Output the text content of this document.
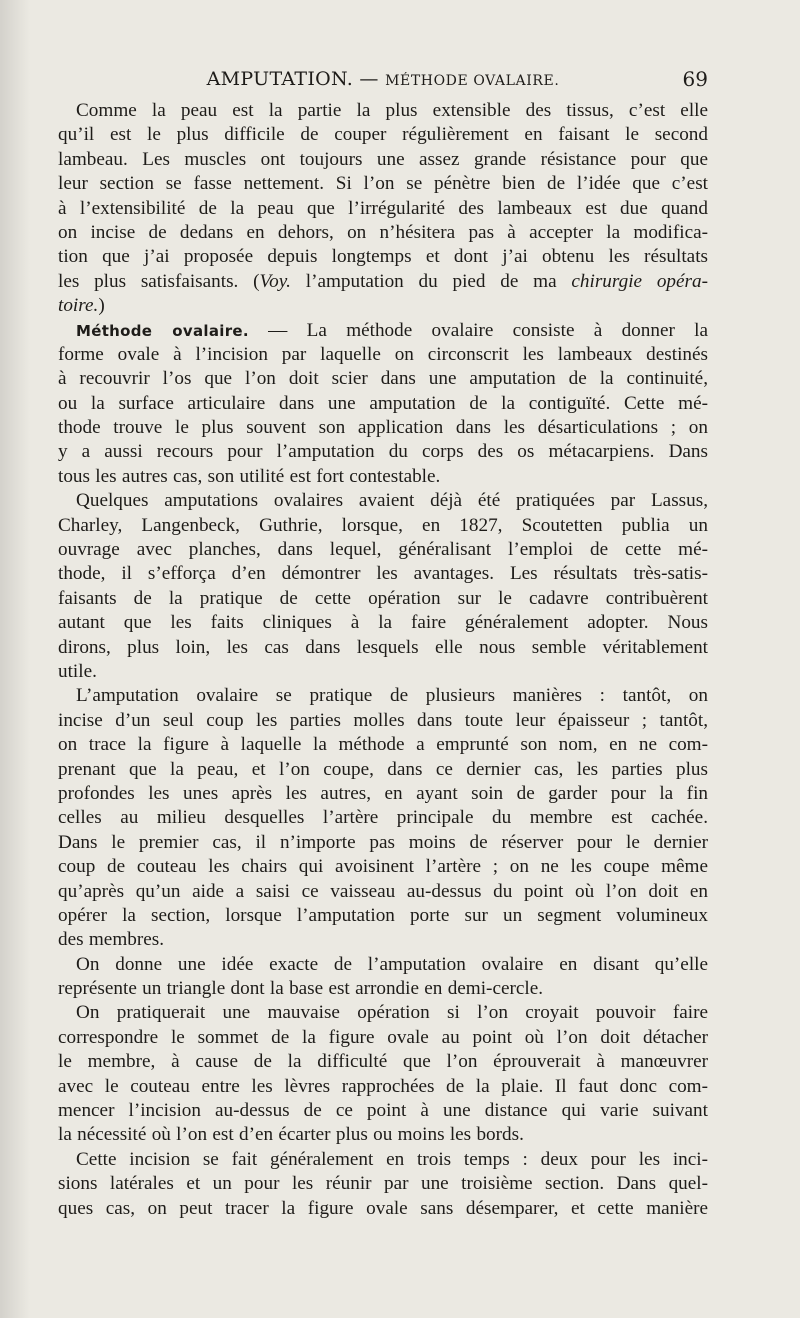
AMPUTATION. — MÉTHODE OVALAIRE.	69
Comme la peau est la partie la plus extensible des tissus, c’est elle
qu’il est le plus difficile de couper régulièrement en faisant le second
lambeau. Les muscles ont toujours une assez grande résistance pour que
leur section se fasse nettement. Si l’on se pénètre bien de l’idée que c’est
à l’extensibilité de la peau que l’irrégularité des lambeaux est due quand
on incise de dedans en dehors, on n’hésitera pas à accepter la modifica-
tion que j’ai proposée depuis longtemps et dont j’ai obtenu les résultats
les plus satisfaisants. (Voy. l’amputation du pied de ma chirurgie opéra-
toire.)
Méthode ovalaire. — La méthode ovalaire consiste à donner la
forme ovale à l’incision par laquelle on circonscrit les lambeaux destinés
à recouvrir l’os que l’on doit scier dans une amputation de la continuité,
ou la surface articulaire dans une amputation de la contiguïté. Cette mé-
thode trouve le plus souvent son application dans les désarticulations ; on
y a aussi recours pour l’amputation du corps des os métacarpiens. Dans
tous les autres cas, son utilité est fort contestable.
Quelques amputations ovalaires avaient déjà été pratiquées par Lassus,
Charley, Langenbeck, Guthrie, lorsque, en 1827, Scoutetten publia un
ouvrage avec planches, dans lequel, généralisant l’emploi de cette mé-
thode, il s’efforça d’en démontrer les avantages. Les résultats très-satis-
faisants de la pratique de cette opération sur le cadavre contribuèrent
autant que les faits cliniques à la faire généralement adopter. Nous
dirons, plus loin, les cas dans lesquels elle nous semble véritablement
utile.
L’amputation ovalaire se pratique de plusieurs manières : tantôt, on
incise d’un seul coup les parties molles dans toute leur épaisseur ; tantôt,
on trace la figure à laquelle la méthode a emprunté son nom, en ne com-
prenant que la peau, et l’on coupe, dans ce dernier cas, les parties plus
profondes les unes après les autres, en ayant soin de garder pour la fin
celles au milieu desquelles l’artère principale du membre est cachée.
Dans le premier cas, il n’importe pas moins de réserver pour le dernier
coup de couteau les chairs qui avoisinent l’artère ; on ne les coupe même
qu’après qu’un aide a saisi ce vaisseau au-dessus du point où l’on doit en
opérer la section, lorsque l’amputation porte sur un segment volumineux
des membres.
On donne une idée exacte de l’amputation ovalaire en disant qu’elle
représente un triangle dont la base est arrondie en demi-cercle.
On pratiquerait une mauvaise opération si l’on croyait pouvoir faire
correspondre le sommet de la figure ovale au point où l’on doit détacher
le membre, à cause de la difficulté que l’on éprouverait à manœuvrer
avec le couteau entre les lèvres rapprochées de la plaie. Il faut donc com-
mencer l’incision au-dessus de ce point à une distance qui varie suivant
la nécessité où l’on est d’en écarter plus ou moins les bords.
Cette incision se fait généralement en trois temps : deux pour les inci-
sions latérales et un pour les réunir par une troisième section. Dans quel-
ques cas, on peut tracer la figure ovale sans désemparer, et cette manière
